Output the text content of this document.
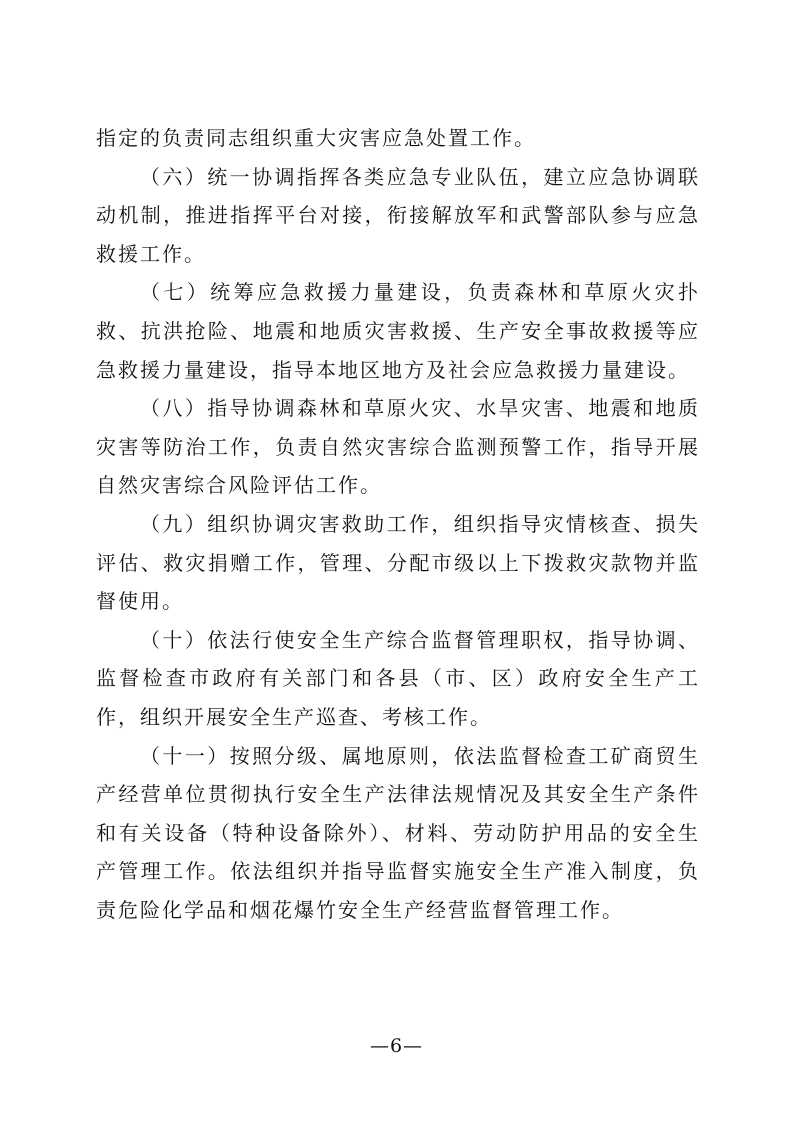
指定的负责同志组织重大灾害应急处置工作。

（六）统一协调指挥各类应急专业队伍，建立应急协调联动机制，推进指挥平台对接，衔接解放军和武警部队参与应急救援工作。

（七）统筹应急救援力量建设，负责森林和草原火灾扑救、抗洪抢险、地震和地质灾害救援、生产安全事故救援等应急救援力量建设，指导本地区地方及社会应急救援力量建设。

（八）指导协调森林和草原火灾、水旱灾害、地震和地质灾害等防治工作，负责自然灾害综合监测预警工作，指导开展自然灾害综合风险评估工作。

（九）组织协调灾害救助工作，组织指导灾情核查、损失评估、救灾捐赠工作，管理、分配市级以上下拨救灾款物并监督使用。

（十）依法行使安全生产综合监督管理职权，指导协调、监督检查市政府有关部门和各县（市、区）政府安全生产工作，组织开展安全生产巡查、考核工作。

（十一）按照分级、属地原则，依法监督检查工矿商贸生产经营单位贯彻执行安全生产法律法规情况及其安全生产条件和有关设备（特种设备除外）、材料、劳动防护用品的安全生产管理工作。依法组织并指导监督实施安全生产准入制度，负责危险化学品和烟花爆竹安全生产经营监督管理工作。

—6—
